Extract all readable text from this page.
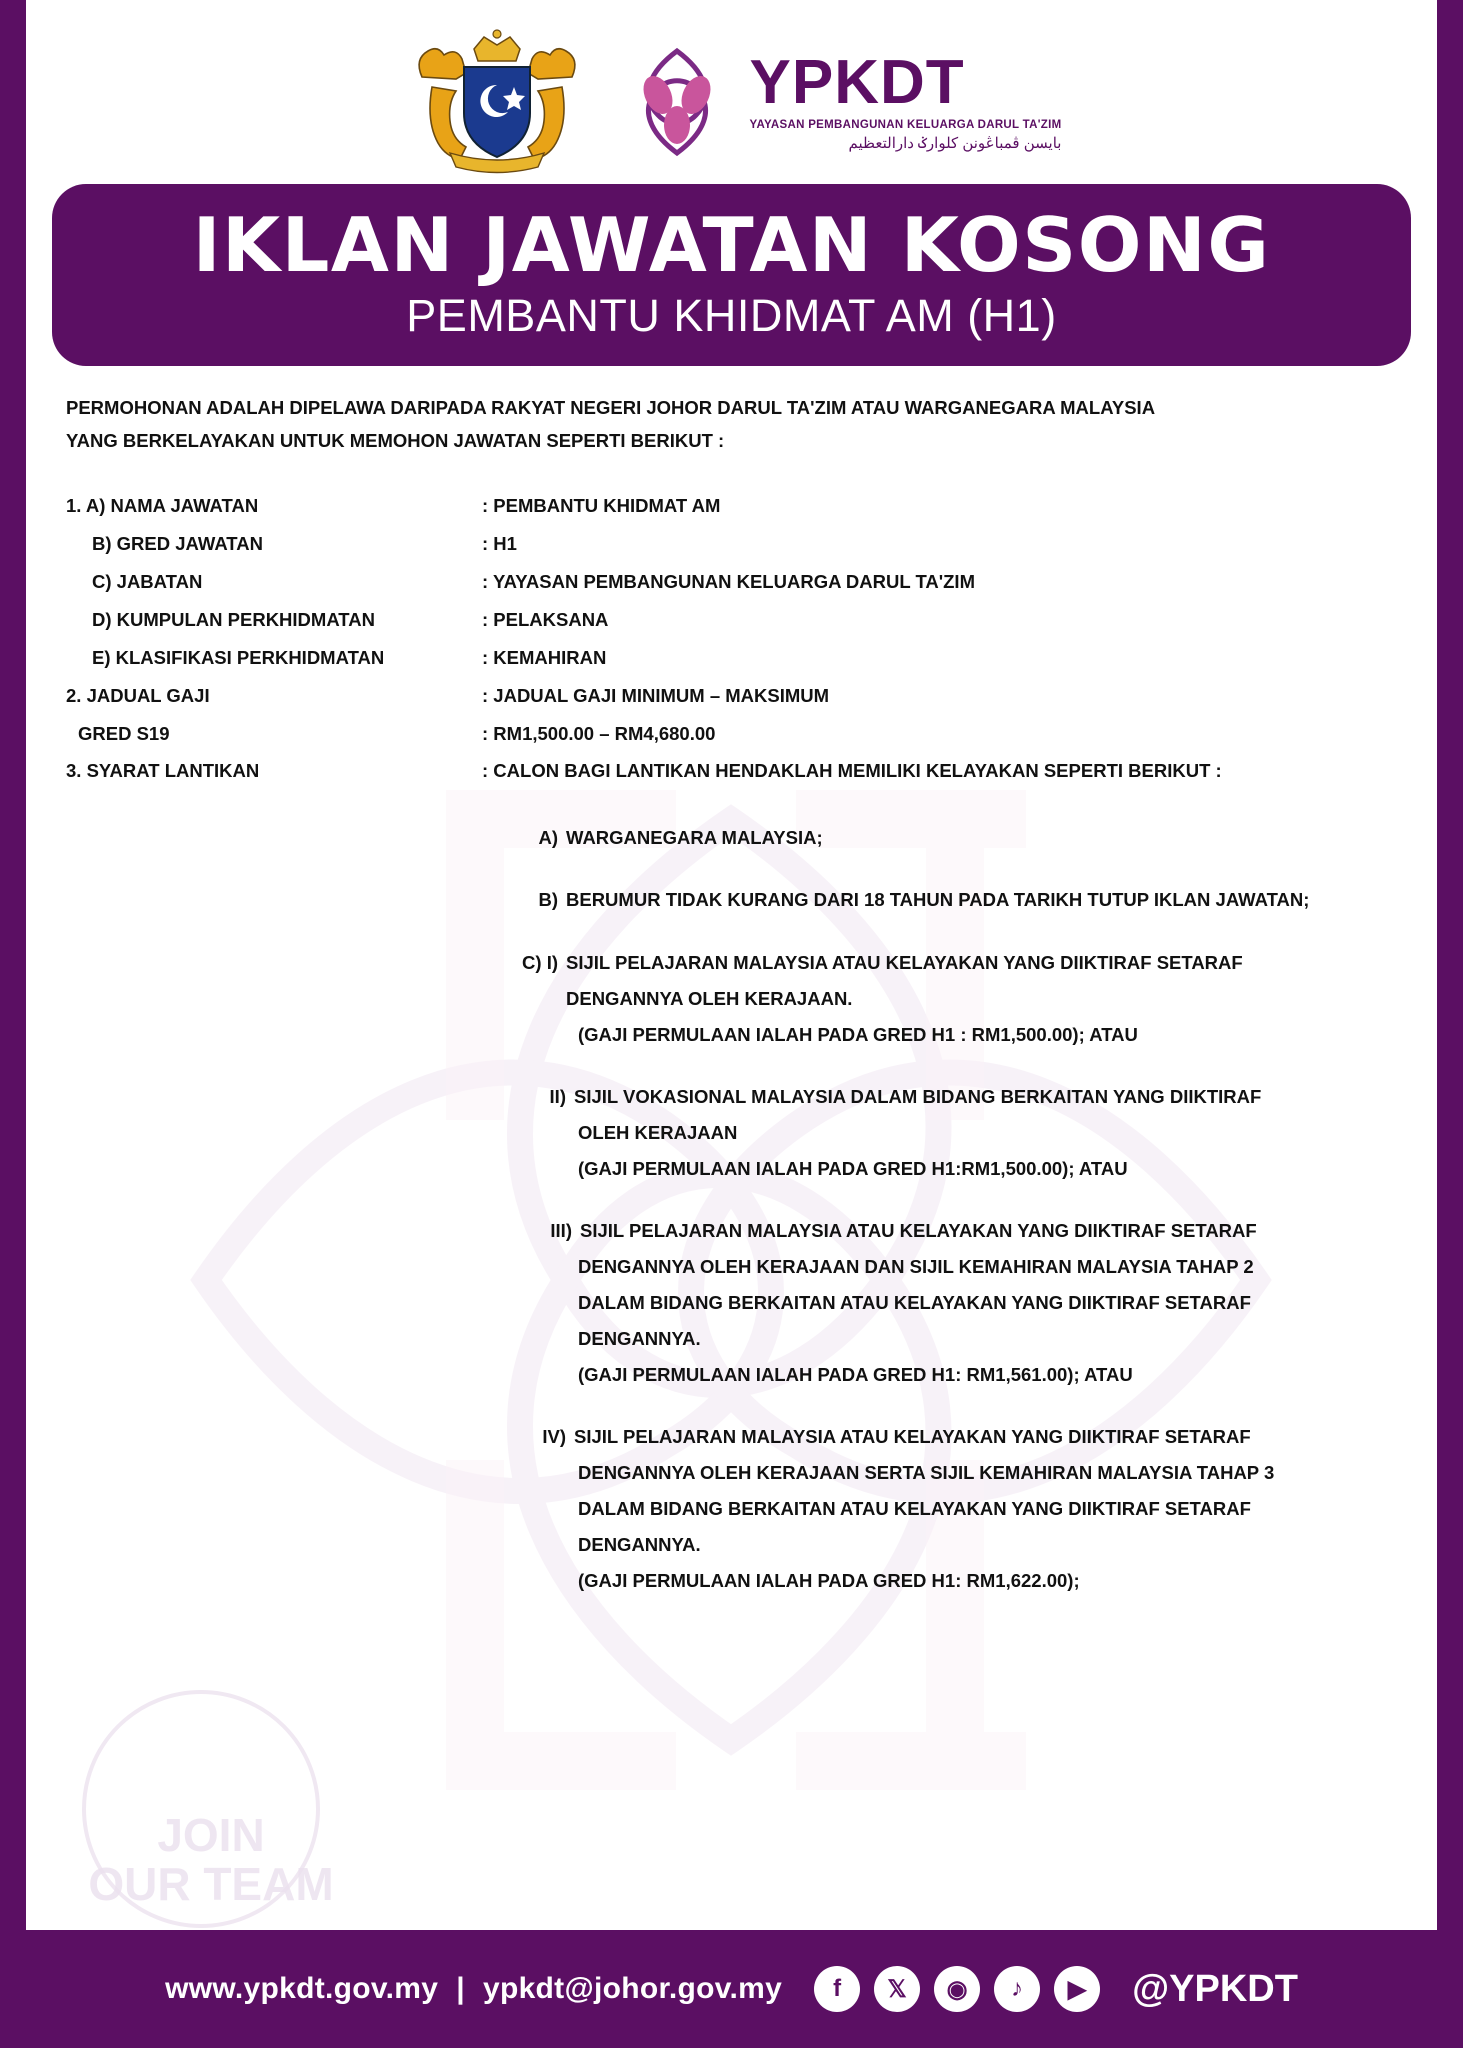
YPKDT
YAYASAN PEMBANGUNAN KELUARGA DARUL TA'ZIM
بايسن ڤمباڠونن كلوارݢ دارالتعظيم
IKLAN JAWATAN KOSONG
PEMBANTU KHIDMAT AM (H1)
PERMOHONAN ADALAH DIPELAWA DARIPADA RAKYAT NEGERI JOHOR DARUL TA'ZIM ATAU WARGANEGARA MALAYSIA
YANG BERKELAYAKAN UNTUK MEMOHON JAWATAN SEPERTI BERIKUT :
1. A) NAMA JAWATAN	: PEMBANTU KHIDMAT AM
B) GRED JAWATAN	: H1
C) JABATAN	: YAYASAN PEMBANGUNAN KELUARGA DARUL TA'ZIM
D) KUMPULAN PERKHIDMATAN	: PELAKSANA
E) KLASIFIKASI PERKHIDMATAN	: KEMAHIRAN
2. JADUAL GAJI	: JADUAL GAJI MINIMUM – MAKSIMUM
GRED S19	: RM1,500.00 – RM4,680.00
3. SYARAT LANTIKAN	: CALON BAGI LANTIKAN HENDAKLAH MEMILIKI KELAYAKAN SEPERTI BERIKUT :
A) WARGANEGARA MALAYSIA;
B) BERUMUR TIDAK KURANG DARI 18 TAHUN PADA TARIKH TUTUP IKLAN JAWATAN;
C) I) SIJIL PELAJARAN MALAYSIA ATAU KELAYAKAN YANG DIIKTIRAF SETARAF
DENGANNYA OLEH KERAJAAN.
(GAJI PERMULAAN IALAH PADA GRED H1 : RM1,500.00); ATAU
II) SIJIL VOKASIONAL MALAYSIA DALAM BIDANG BERKAITAN YANG DIIKTIRAF
OLEH KERAJAAN
(GAJI PERMULAAN IALAH PADA GRED H1:RM1,500.00); ATAU
III) SIJIL PELAJARAN MALAYSIA ATAU KELAYAKAN YANG DIIKTIRAF SETARAF
DENGANNYA OLEH KERAJAAN DAN SIJIL KEMAHIRAN MALAYSIA TAHAP 2
DALAM BIDANG BERKAITAN ATAU KELAYAKAN YANG DIIKTIRAF SETARAF
DENGANNYA.
(GAJI PERMULAAN IALAH PADA GRED H1: RM1,561.00); ATAU
IV) SIJIL PELAJARAN MALAYSIA ATAU KELAYAKAN YANG DIIKTIRAF SETARAF
DENGANNYA OLEH KERAJAAN SERTA SIJIL KEMAHIRAN MALAYSIA TAHAP 3
DALAM BIDANG BERKAITAN ATAU KELAYAKAN YANG DIIKTIRAF SETARAF
DENGANNYA.
(GAJI PERMULAAN IALAH PADA GRED H1: RM1,622.00);
JOIN
OUR TEAM
www.ypkdt.gov.my | ypkdt@johor.gov.my	f	𝕏	◉	♪	▶	@YPKDT
